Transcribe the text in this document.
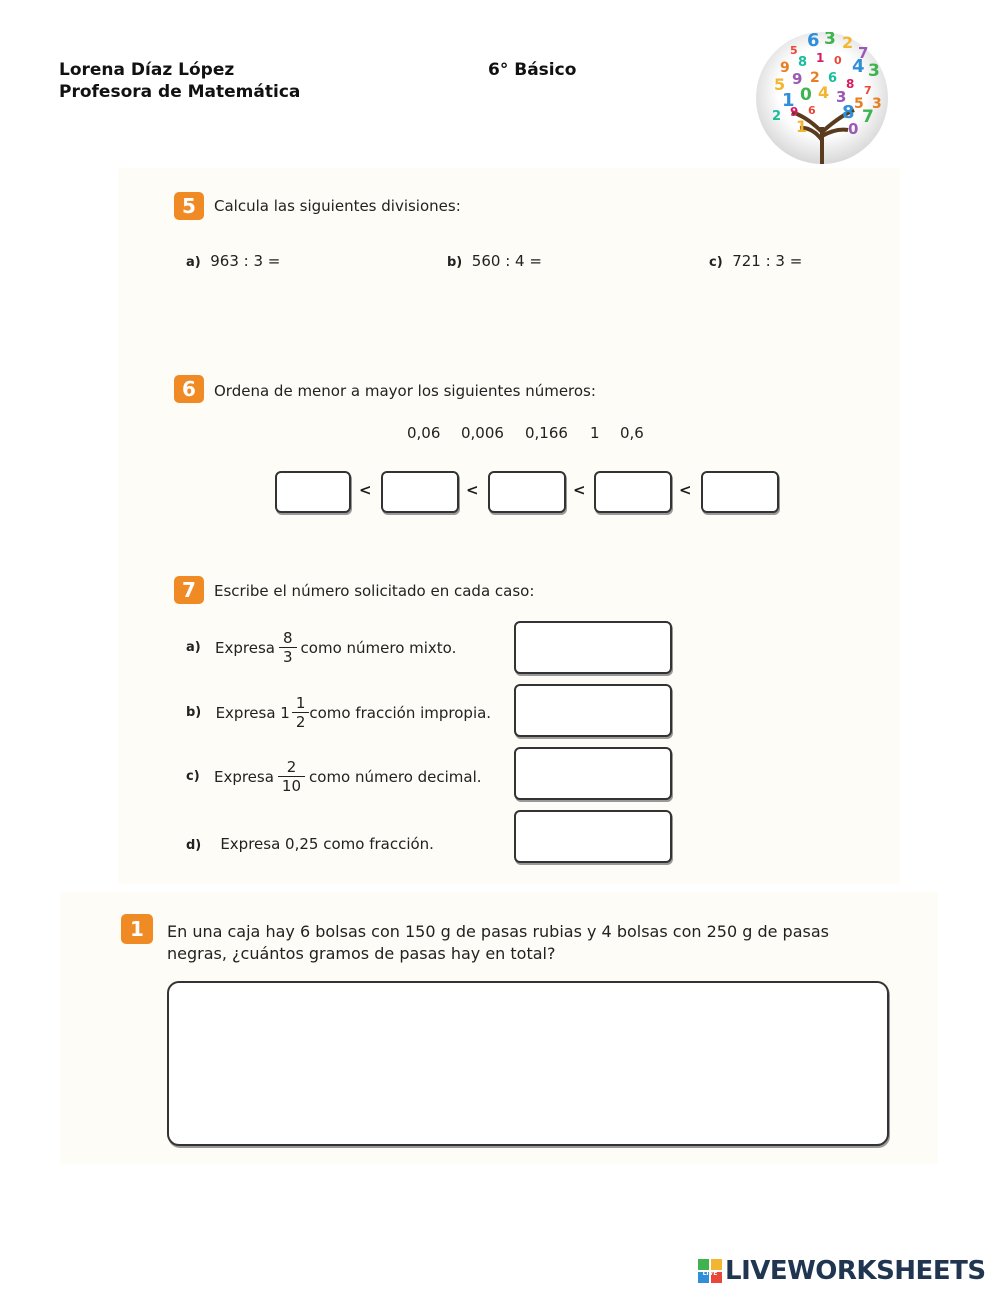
Lorena Díaz López
Profesora de Matemática
6° Básico
5 6 3 2
7
9 8 1 0 4 3
5 9 2 6 8 7
1 0 4 3 5
2 9 6 8 7
1	0
3
5	Calcula las siguientes divisiones:
a) 963 : 3 =	b) 560 : 4 =	c) 721 : 3 =
6	Ordena de menor a mayor los siguientes números:
0,06 0,006 0,166 1 0,6
<	<	<	<
7	Escribe el número solicitado en cada caso:
a)
Expresa $\frac{8}{3}$ como número mixto.
b)
Expresa $1 \frac{1}{2}$ como fracción impropia.
c)
Expresa $\frac{2}{10}$ como número decimal.
d) Expresa 0,25 como fracción.
1	En una caja hay 6 bolsas con 150 g de pasas rubias y 4 bolsas con 250 g de pasas
negras, ¿cuántos gramos de pasas hay en total?
LIVE LIVEWORKSHEETS
